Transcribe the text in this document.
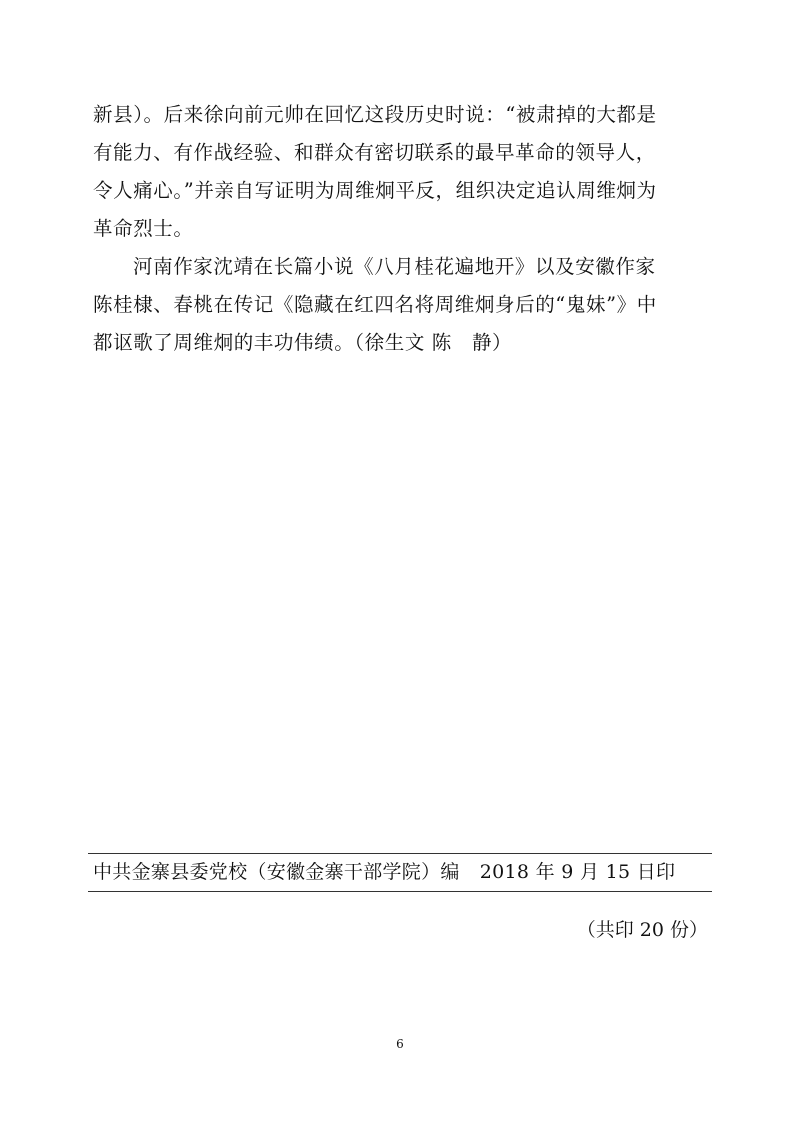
新县）。后来徐向前元帅在回忆这段历史时说：“被肃掉的大都是
有能力、有作战经验、和群众有密切联系的最早革命的领导人，
令人痛心。”并亲自写证明为周维炯平反，组织决定追认周维炯为
革命烈士。
河南作家沈靖在长篇小说《八月桂花遍地开》以及安徽作家
陈桂棣、春桃在传记《隐藏在红四名将周维炯身后的“鬼妹”》中
都讴歌了周维炯的丰功伟绩。（徐生文 陈　静）
中共金寨县委党校（安徽金寨干部学院）编 2018 年 9 月 15 日印
（共印 20 份）
6
